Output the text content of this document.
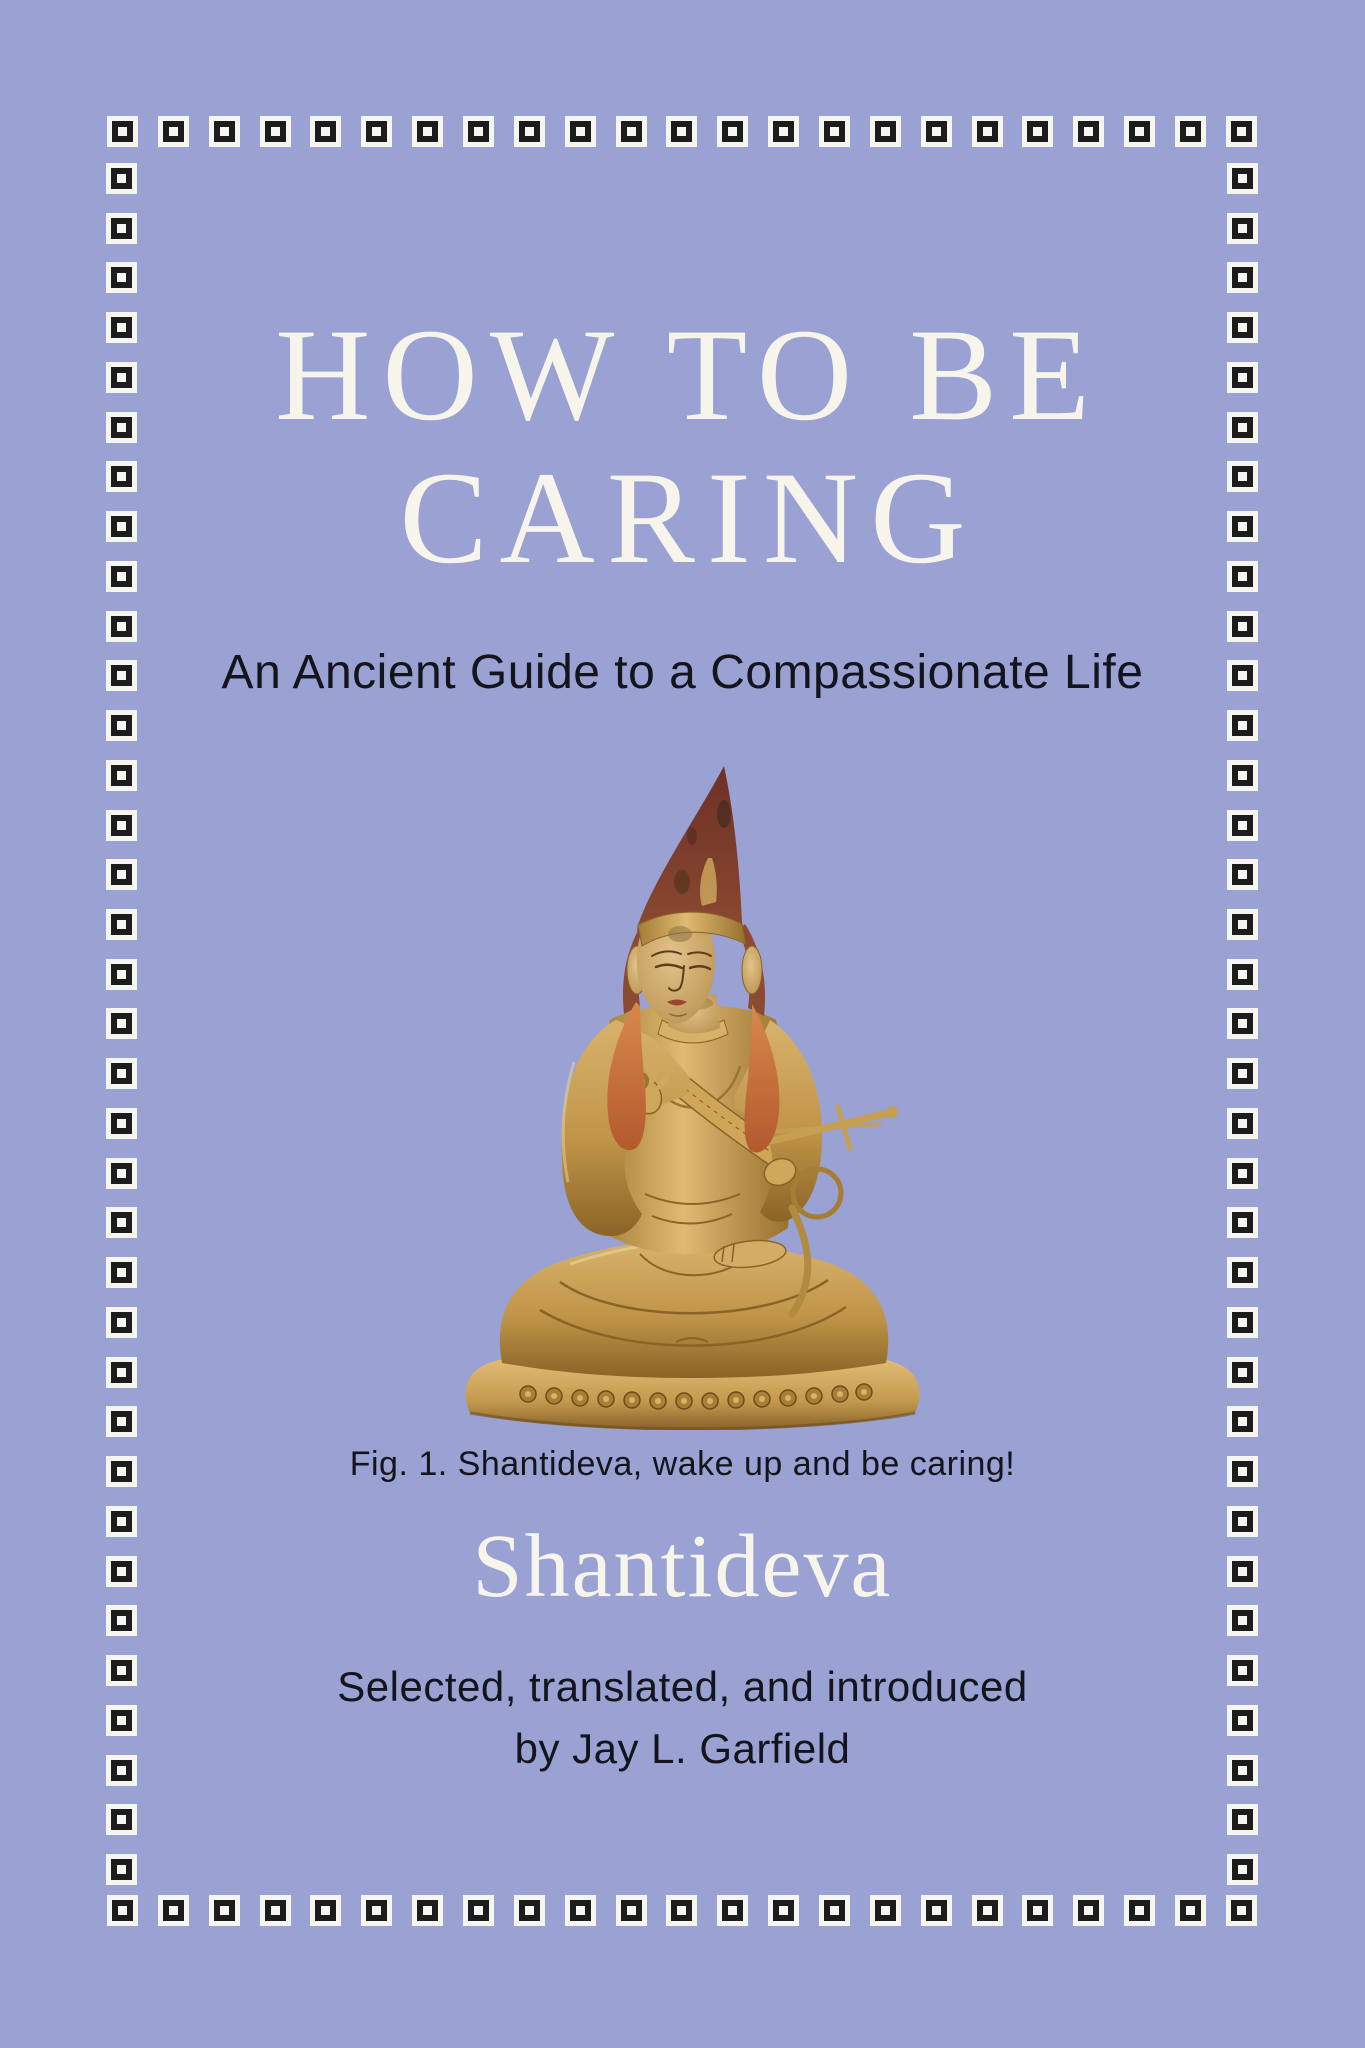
HOW TO BE
CARING
An Ancient Guide to a Compassionate Life
Fig. 1. Shantideva, wake up and be caring!
Shantideva
Selected, translated, and introduced
by Jay L. Garfield
